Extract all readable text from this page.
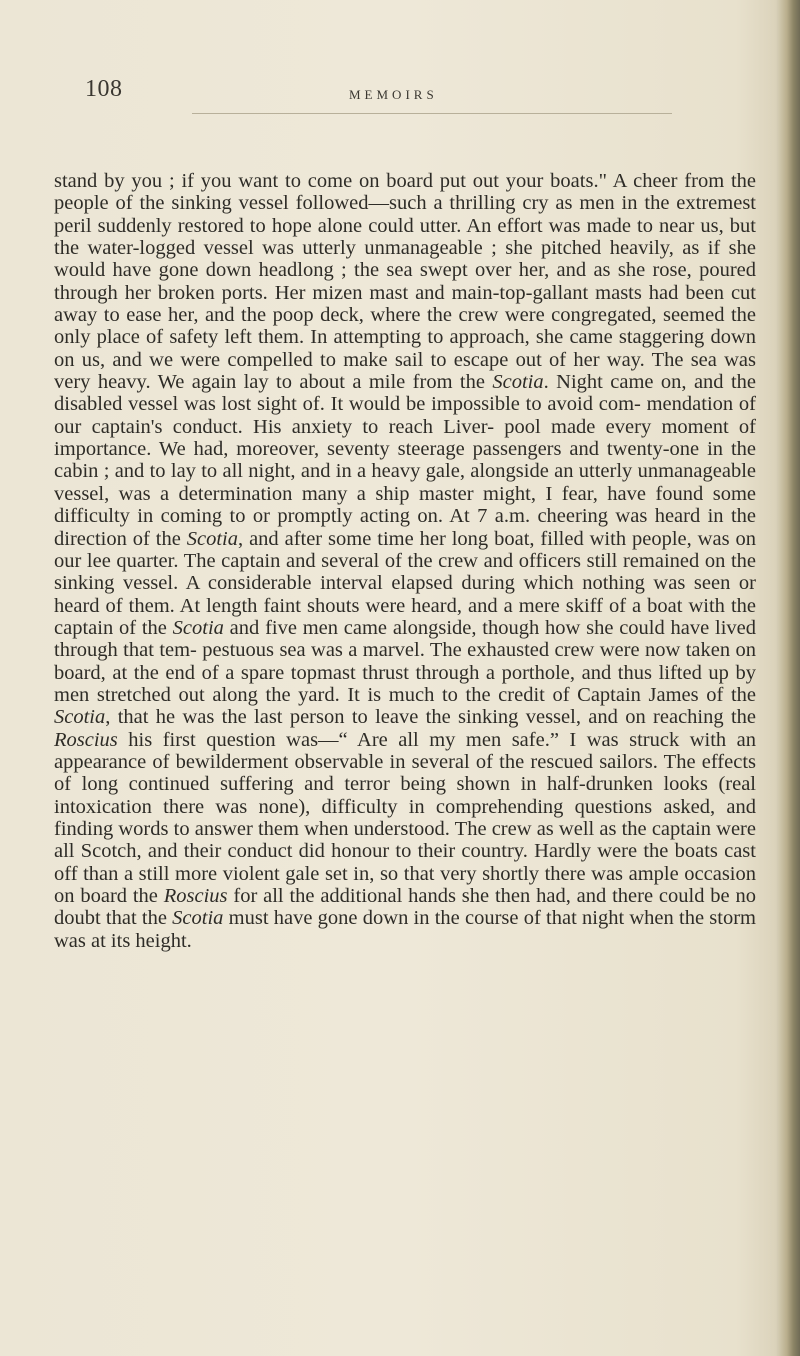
108	MEMOIRS

stand by you ; if you want to come on board put out your boats." A cheer from the people of the sinking vessel followed—such a thrilling cry as men in the extremest peril suddenly restored to hope alone could utter. An effort was made to near us, but the water-logged vessel was utterly unmanageable ; she pitched heavily, as if she would have gone down headlong ; the sea swept over her, and as she rose, poured through her broken ports. Her mizen mast and main-top-gallant masts had been cut away to ease her, and the poop deck, where the crew were congregated, seemed the only place of safety left them. In attempting to approach, she came staggering down on us, and we were compelled to make sail to escape out of her way. The sea was very heavy. We again lay to about a mile from the Scotia. Night came on, and the disabled vessel was lost sight of. It would be impossible to avoid com- mendation of our captain's conduct. His anxiety to reach Liver- pool made every moment of importance. We had, moreover, seventy steerage passengers and twenty-one in the cabin ; and to lay to all night, and in a heavy gale, alongside an utterly unmanageable vessel, was a determination many a ship master might, I fear, have found some difficulty in coming to or promptly acting on. At 7 a.m. cheering was heard in the direction of the Scotia, and after some time her long boat, filled with people, was on our lee quarter. The captain and several of the crew and officers still remained on the sinking vessel. A considerable interval elapsed during which nothing was seen or heard of them. At length faint shouts were heard, and a mere skiff of a boat with the captain of the Scotia and five men came alongside, though how she could have lived through that tem- pestuous sea was a marvel. The exhausted crew were now taken on board, at the end of a spare topmast thrust through a porthole, and thus lifted up by men stretched out along the yard. It is much to the credit of Captain James of the Scotia, that he was the last person to leave the sinking vessel, and on reaching the Roscius his first question was—“ Are all my men safe.” I was struck with an appearance of bewilderment observable in several of the rescued sailors. The effects of long continued suffering and terror being shown in half-drunken looks (real intoxication there was none), difficulty in comprehending questions asked, and finding words to answer them when understood. The crew as well as the captain were all Scotch, and their conduct did honour to their country. Hardly were the boats cast off than a still more violent gale set in, so that very shortly there was ample occasion on board the Roscius for all the additional hands she then had, and there could be no doubt that the Scotia must have gone down in the course of that night when the storm was at its height.
